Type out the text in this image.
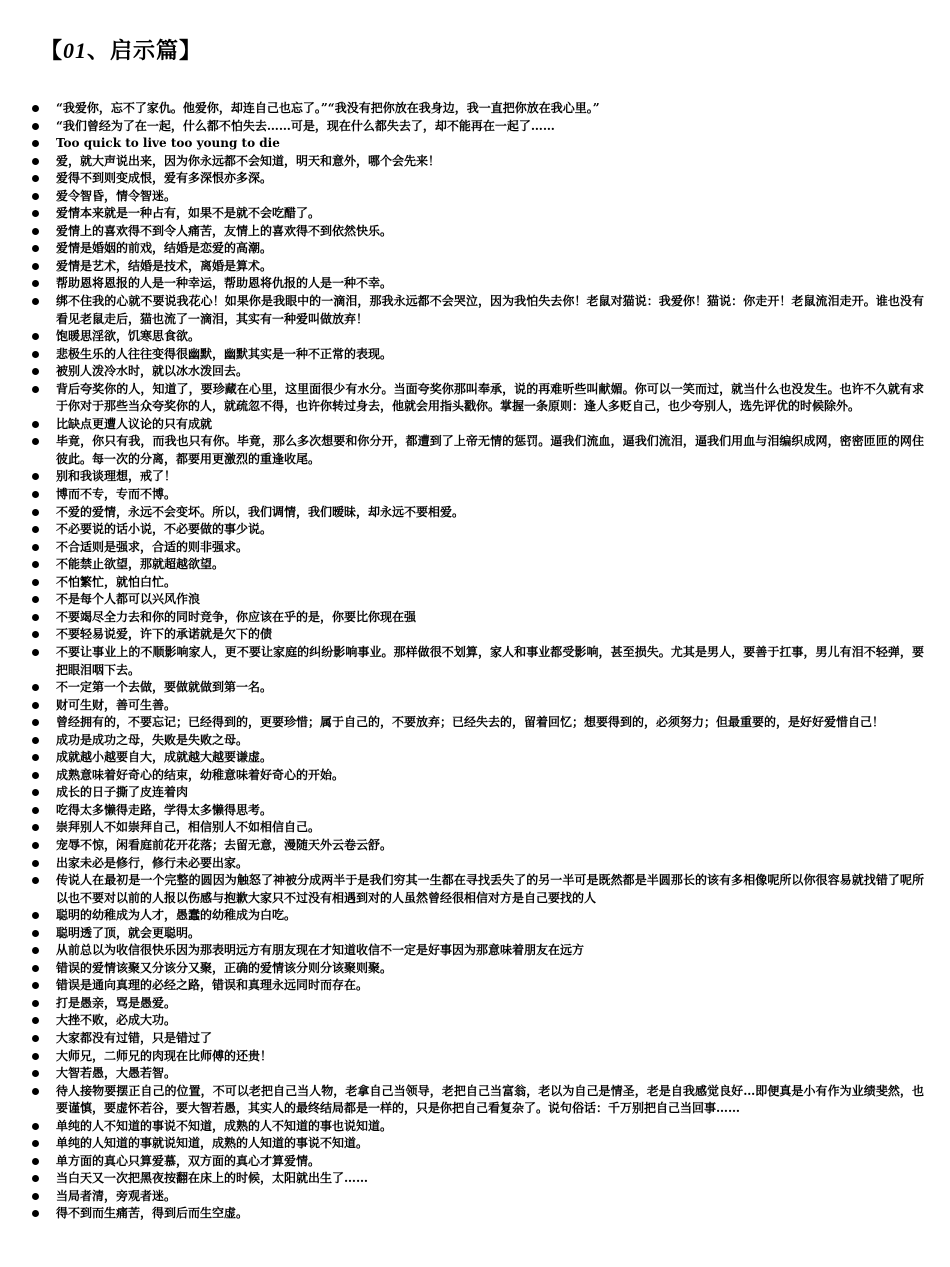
【01、启示篇】
“我爱你，忘不了家仇。他爱你，却连自己也忘了。”“我没有把你放在我身边，我一直把你放在我心里。”
“我们曾经为了在一起，什么都不怕失去……可是，现在什么都失去了，却不能再在一起了……
Too quick to live too young to die
爱，就大声说出来，因为你永远都不会知道，明天和意外，哪个会先来！
爱得不到则变成恨，爱有多深恨亦多深。
爱令智昏，情令智迷。
爱情本来就是一种占有，如果不是就不会吃醋了。
爱情上的喜欢得不到令人痛苦，友情上的喜欢得不到依然快乐。
爱情是婚姻的前戏，结婚是恋爱的高潮。
爱情是艺术，结婚是技术，离婚是算术。
帮助恩将恩报的人是一种幸运，帮助恩将仇报的人是一种不幸。
绑不住我的心就不要说我花心！如果你是我眼中的一滴泪，那我永远都不会哭泣，因为我怕失去你！老鼠对猫说：我爱你！猫说：你走开！老鼠流泪走开。谁也没有看见老鼠走后，猫也流了一滴泪，其实有一种爱叫做放弃！
饱暖思淫欲，饥寒思食欲。
悲极生乐的人往往变得很幽默，幽默其实是一种不正常的表现。
被别人泼冷水时，就以冰水泼回去。
背后夸奖你的人，知道了，要珍藏在心里，这里面很少有水分。当面夸奖你那叫奉承，说的再难听些叫献媚。你可以一笑而过，就当什么也没发生。也许不久就有求于你对于那些当众夸奖你的人，就疏忽不得，也许你转过身去，他就会用指头戳你。掌握一条原则：逢人多贬自己，也少夸别人，选先评优的时候除外。
比缺点更遭人议论的只有成就
毕竟，你只有我，而我也只有你。毕竟，那么多次想要和你分开，都遭到了上帝无情的惩罚。逼我们流血，逼我们流泪，逼我们用血与泪编织成网，密密匝匝的网住彼此。每一次的分离，都要用更激烈的重逢收尾。
别和我谈理想，戒了！
博而不专，专而不博。
不爱的爱情，永远不会变坏。所以，我们调情，我们暧昧，却永远不要相爱。
不必要说的话小说，不必要做的事少说。
不合适则是强求，合适的则非强求。
不能禁止欲望，那就超越欲望。
不怕繁忙，就怕白忙。
不是每个人都可以兴风作浪
不要竭尽全力去和你的同时竞争，你应该在乎的是，你要比你现在强
不要轻易说爱，许下的承诺就是欠下的债
不要让事业上的不顺影响家人，更不要让家庭的纠纷影响事业。那样做很不划算，家人和事业都受影响，甚至损失。尤其是男人，要善于扛事，男儿有泪不轻弹，要把眼泪咽下去。
不一定第一个去做，要做就做到第一名。
财可生财，善可生善。
曾经拥有的，不要忘记；已经得到的，更要珍惜；属于自己的，不要放弃；已经失去的，留着回忆；想要得到的，必须努力；但最重要的，是好好爱惜自己！
成功是成功之母，失败是失败之母。
成就越小越要自大，成就越大越要谦虚。
成熟意味着好奇心的结束，幼稚意味着好奇心的开始。
成长的日子撕了皮连着肉
吃得太多懒得走路，学得太多懒得思考。
崇拜别人不如崇拜自己，相信别人不如相信自己。
宠辱不惊，闲看庭前花开花落；去留无意，漫随天外云卷云舒。
出家未必是修行，修行未必要出家。
传说人在最初是一个完整的圆因为触怒了神被分成两半于是我们穷其一生都在寻找丢失了的另一半可是既然都是半圆那长的该有多相像呢所以你很容易就找错了呢所以也不要对以前的人报以伤感与抱歉大家只不过没有相遇到对的人虽然曾经很相信对方是自己要找的人
聪明的幼稚成为人才，愚蠢的幼稚成为白吃。
聪明透了顶，就会更聪明。
从前总以为收信很快乐因为那表明远方有朋友现在才知道收信不一定是好事因为那意味着朋友在远方
错误的爱情该聚又分该分又聚，正确的爱情该分则分该聚则聚。
错误是通向真理的必经之路，错误和真理永远同时而存在。
打是愚亲，骂是愚爱。
大挫不败，必成大功。
大家都没有过错，只是错过了
大师兄，二师兄的肉现在比师傅的还贵！
大智若愚，大愚若智。
待人接物要摆正自己的位置，不可以老把自己当人物，老拿自己当领导，老把自己当富翁，老以为自己是情圣，老是自我感觉良好…即便真是小有作为业绩斐然，也要谨慎，要虚怀若谷，要大智若愚，其实人的最终结局都是一样的，只是你把自己看复杂了。说句俗话：千万别把自己当回事……
单纯的人不知道的事说不知道，成熟的人不知道的事也说知道。
单纯的人知道的事就说知道，成熟的人知道的事说不知道。
单方面的真心只算爱慕，双方面的真心才算爱情。
当白天又一次把黑夜按翻在床上的时候，太阳就出生了……
当局者清，旁观者迷。
得不到而生痛苦，得到后而生空虚。
